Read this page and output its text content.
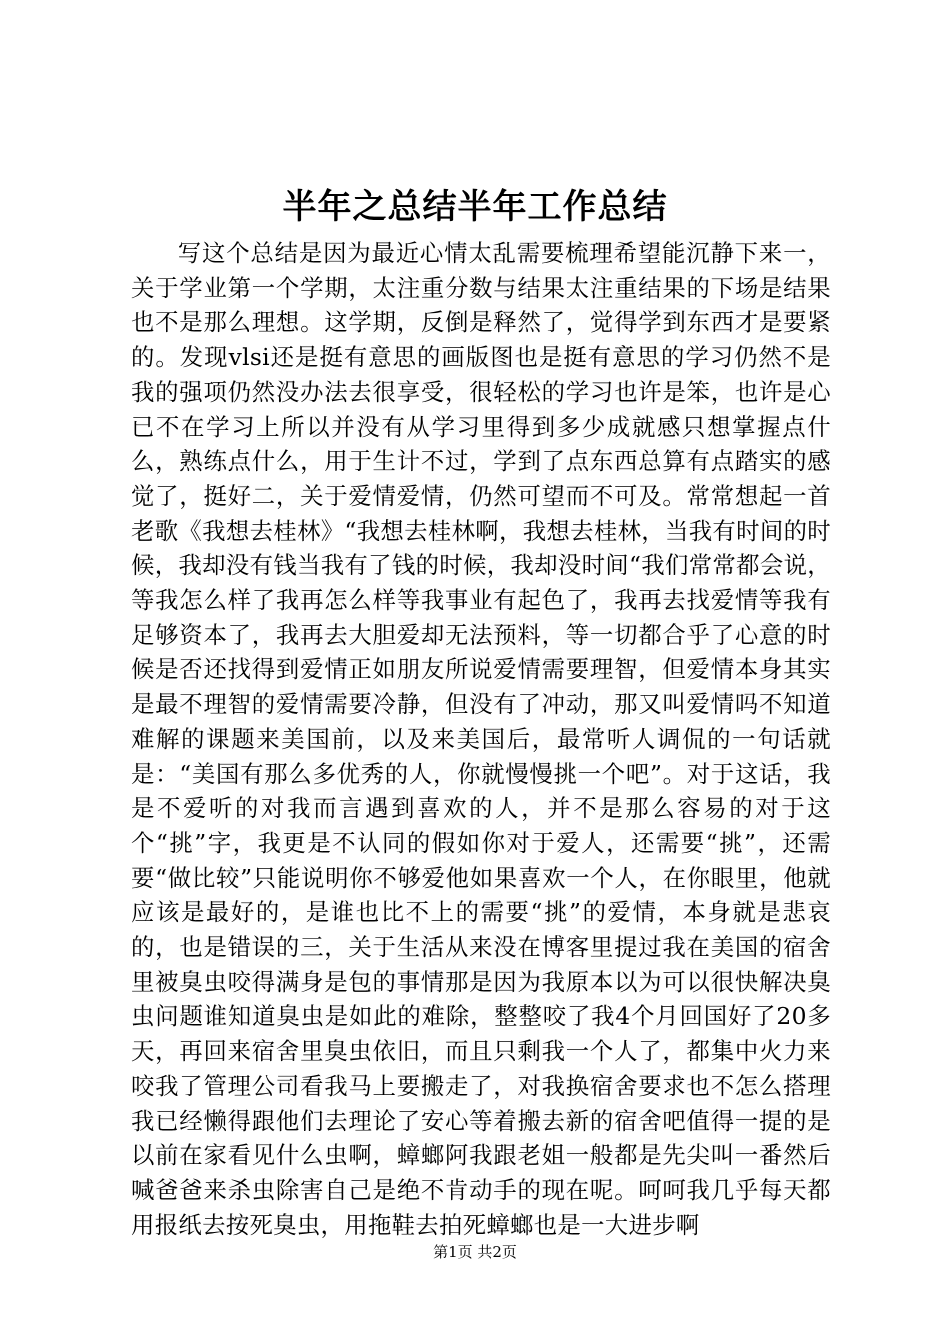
半年之总结半年工作总结

写这个总结是因为最近心情太乱需要梳理希望能沉静下来一，关于学业第一个学期，太注重分数与结果太注重结果的下场是结果也不是那么理想。这学期，反倒是释然了，觉得学到东西才是要紧的。发现vlsi还是挺有意思的画版图也是挺有意思的学习仍然不是我的强项仍然没办法去很享受，很轻松的学习也许是笨，也许是心已不在学习上所以并没有从学习里得到多少成就感只想掌握点什么，熟练点什么，用于生计不过，学到了点东西总算有点踏实的感觉了，挺好二，关于爱情爱情，仍然可望而不可及。常常想起一首老歌《我想去桂林》“我想去桂林啊，我想去桂林，当我有时间的时候，我却没有钱当我有了钱的时候，我却没时间“我们常常都会说，等我怎么样了我再怎么样等我事业有起色了，我再去找爱情等我有足够资本了，我再去大胆爱却无法预料，等一切都合乎了心意的时候是否还找得到爱情正如朋友所说爱情需要理智，但爱情本身其实是最不理智的爱情需要冷静，但没有了冲动，那又叫爱情吗不知道难解的课题来美国前，以及来美国后，最常听人调侃的一句话就是：“美国有那么多优秀的人，你就慢慢挑一个吧”。对于这话，我是不爱听的对我而言遇到喜欢的人，并不是那么容易的对于这个“挑”字，我更是不认同的假如你对于爱人，还需要“挑”，还需要“做比较”只能说明你不够爱他如果喜欢一个人，在你眼里，他就应该是最好的，是谁也比不上的需要“挑”的爱情，本身就是悲哀的，也是错误的三，关于生活从来没在博客里提过我在美国的宿舍里被臭虫咬得满身是包的事情那是因为我原本以为可以很快解决臭虫问题谁知道臭虫是如此的难除，整整咬了我4个月回国好了20多天，再回来宿舍里臭虫依旧，而且只剩我一个人了，都集中火力来咬我了管理公司看我马上要搬走了，对我换宿舍要求也不怎么搭理我已经懒得跟他们去理论了安心等着搬去新的宿舍吧值得一提的是以前在家看见什么虫啊，蟑螂阿我跟老姐一般都是先尖叫一番然后喊爸爸来杀虫除害自己是绝不肯动手的现在呢。呵呵我几乎每天都用报纸去按死臭虫，用拖鞋去拍死蟑螂也是一大进步啊

第1页 共2页
